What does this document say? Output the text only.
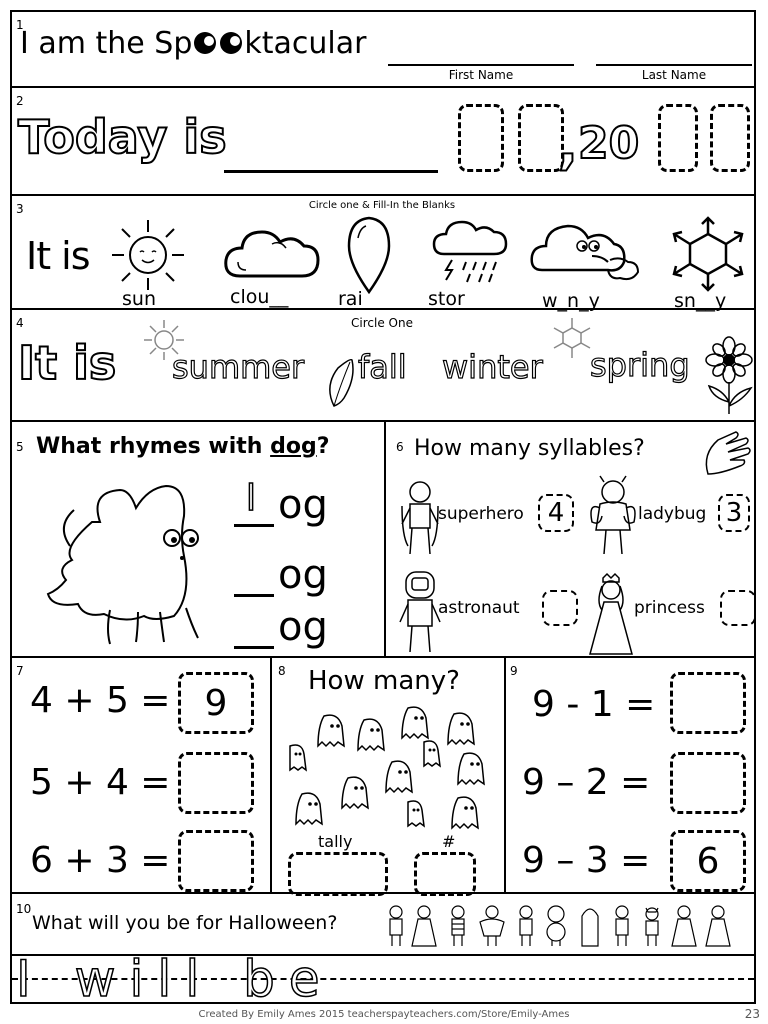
1
I am the Sp ktacular
First Name	Last Name
2
Today is	, 20
3	Circle one & Fill-In the Blanks
It is
sun__	clou__	rai__ stor__	w_n_y	sn__y
4	Circle One
It is summer fall winter spring
5 What rhymes with dog?
l og
og
og
6 How many syllables?
superhero 4	ladybug 3
astronaut	princess
7
4 + 5 = 9
5 + 4 =
6 + 3 =
8 How many?
tally	#
9
9 - 1 =
9 – 2 =
9 – 3 =	6
10
What will you be for Halloween?
I will be
Created By Emily Ames 2015 teacherspayteachers.com/Store/Emily-Ames	23
